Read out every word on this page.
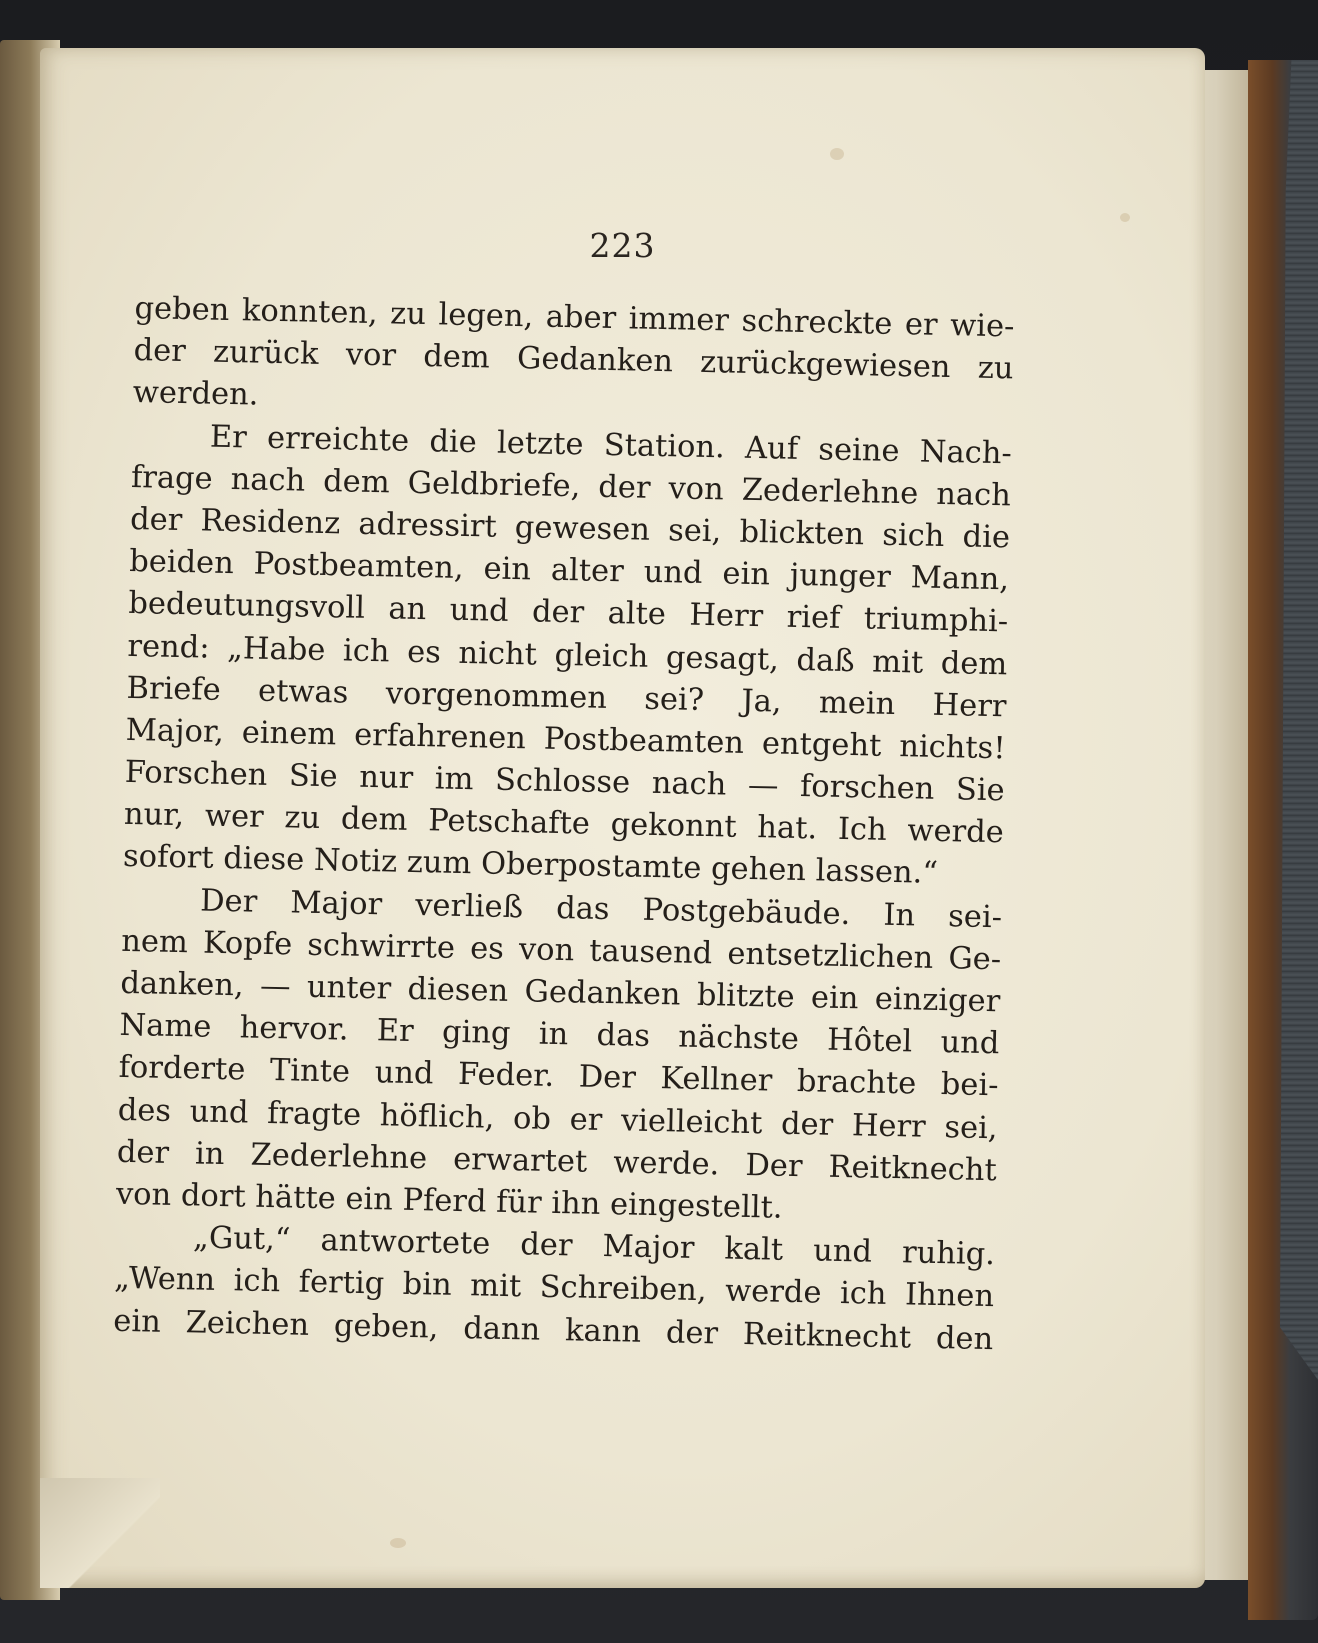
223
geben konnten, zu legen, aber immer schreckte er wie-
der zurück vor dem Gedanken zurückgewiesen zu
werden.
Er erreichte die letzte Station. Auf seine Nach-
frage nach dem Geldbriefe, der von Zederlehne nach
der Residenz adressirt gewesen sei, blickten sich die
beiden Postbeamten, ein alter und ein junger Mann,
bedeutungsvoll an und der alte Herr rief triumphi-
rend: „Habe ich es nicht gleich gesagt, daß mit dem
Briefe etwas vorgenommen sei? Ja, mein Herr
Major, einem erfahrenen Postbeamten entgeht nichts!
Forschen Sie nur im Schlosse nach — forschen Sie
nur, wer zu dem Petschafte gekonnt hat. Ich werde
sofort diese Notiz zum Oberpostamte gehen lassen.“
Der Major verließ das Postgebäude. In sei-
nem Kopfe schwirrte es von tausend entsetzlichen Ge-
danken, — unter diesen Gedanken blitzte ein einziger
Name hervor. Er ging in das nächste Hôtel und
forderte Tinte und Feder. Der Kellner brachte bei-
des und fragte höflich, ob er vielleicht der Herr sei,
der in Zederlehne erwartet werde. Der Reitknecht
von dort hätte ein Pferd für ihn eingestellt.
„Gut,“ antwortete der Major kalt und ruhig.
„Wenn ich fertig bin mit Schreiben, werde ich Ihnen
ein Zeichen geben, dann kann der Reitknecht den
